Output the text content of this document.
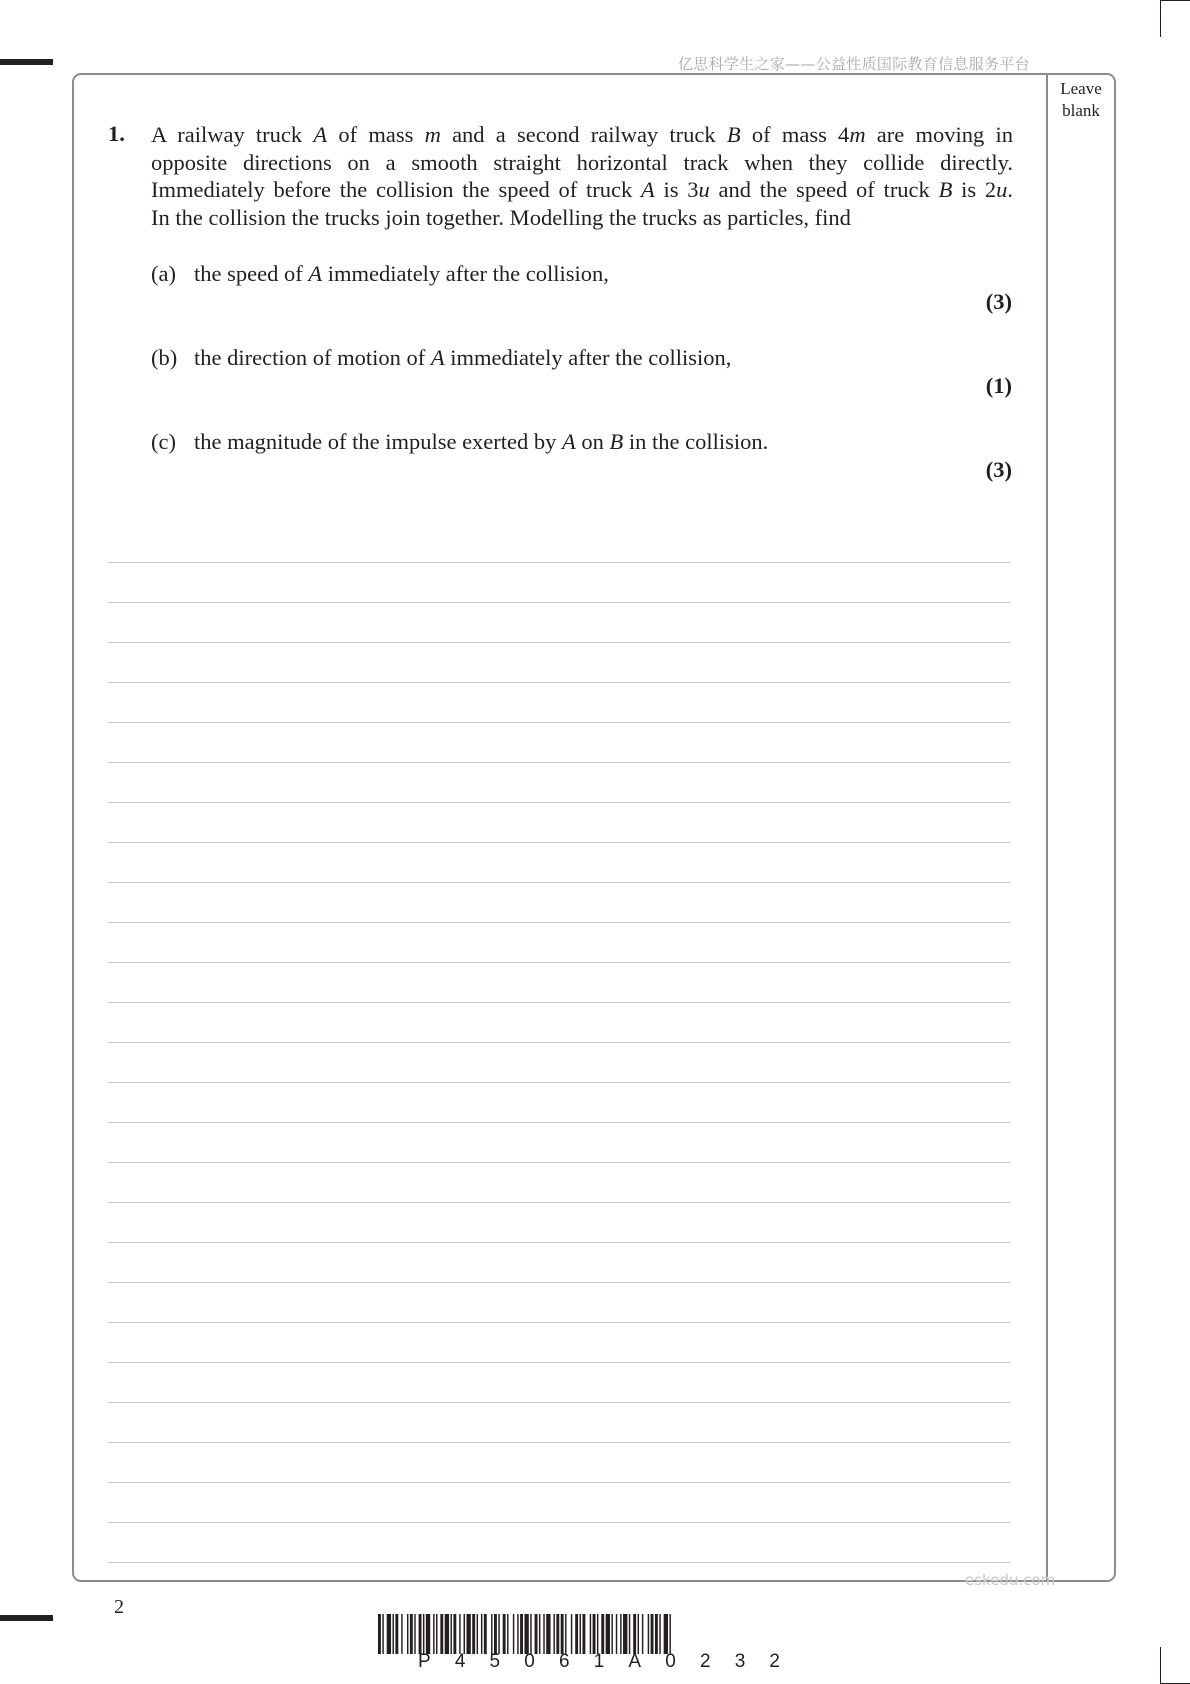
亿思科学生之家——公益性质国际教育信息服务平台
Leave
blank
1. A railway truck A of mass m and a second railway truck B of mass 4m are moving in
opposite directions on a smooth straight horizontal track when they collide directly.
Immediately before the collision the speed of truck A is 3u and the speed of truck B is 2u.
In the collision the trucks join together. Modelling the trucks as particles, find
(a) the speed of A immediately after the collision,
(3)
(b) the direction of motion of A immediately after the collision,
(1)
(c) the magnitude of the impulse exerted by A on B in the collision.
(3)
eskedu.com
2
P 4 5 0 6 1 A 0 2 3 2
